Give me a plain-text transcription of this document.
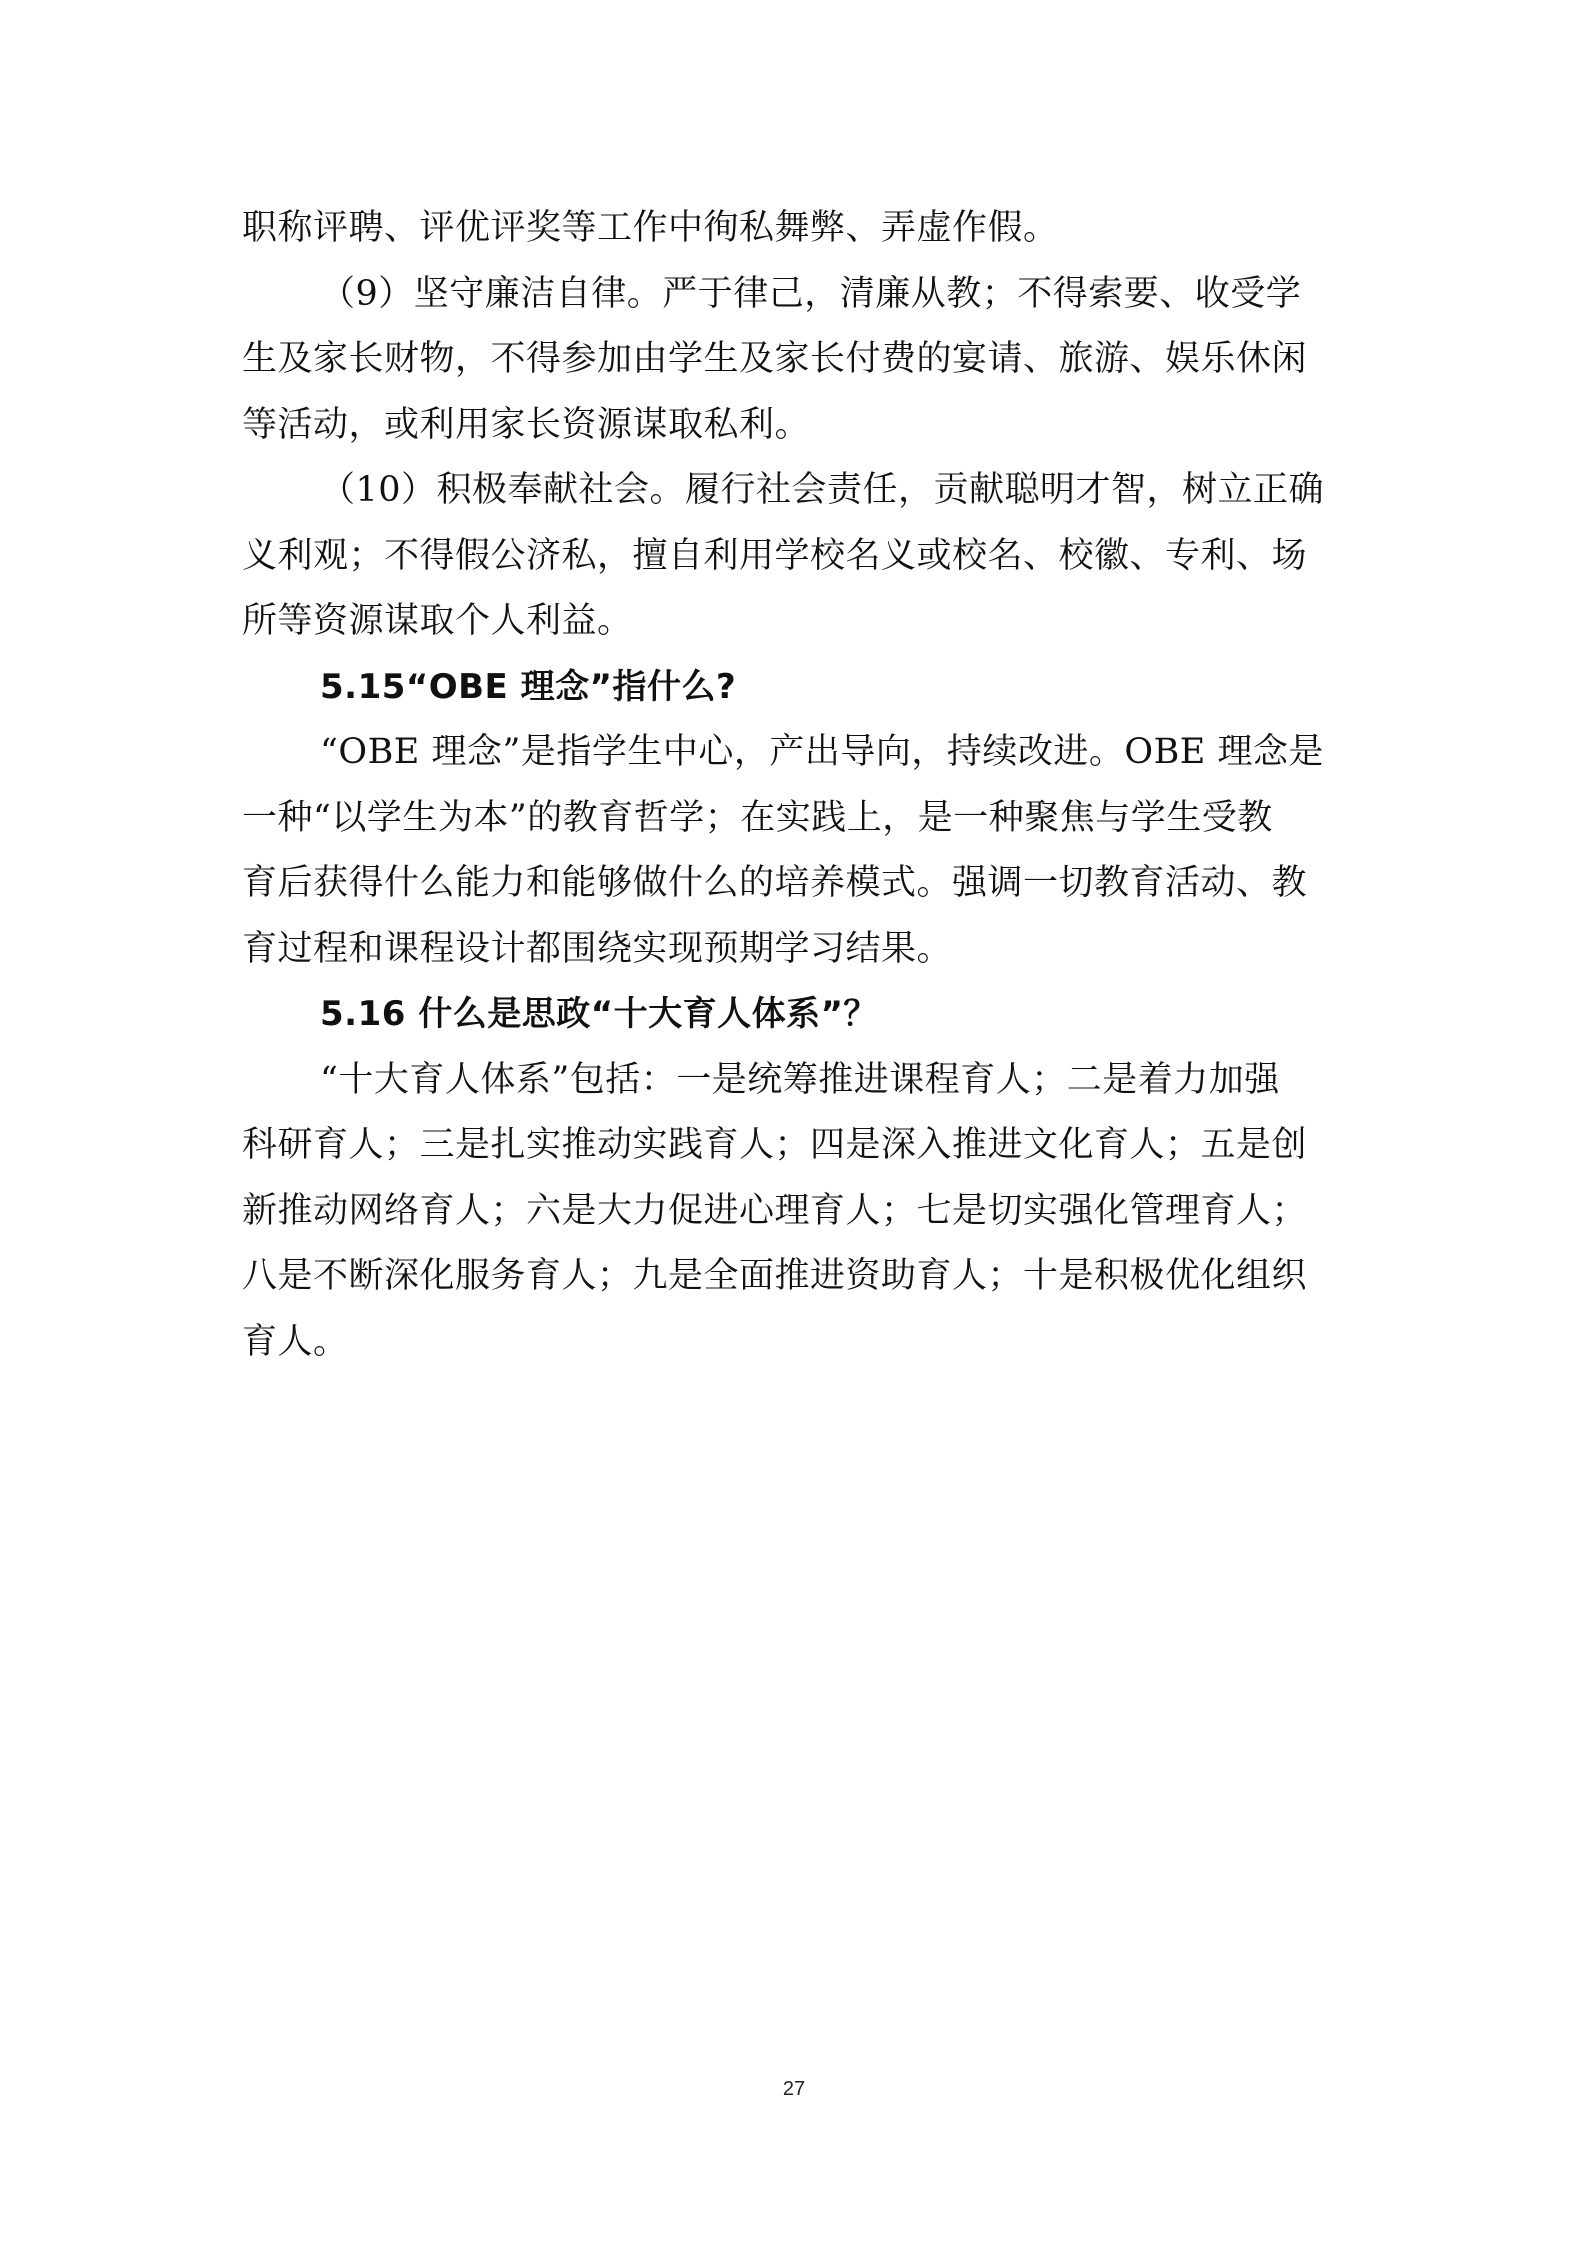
职称评聘、评优评奖等工作中徇私舞弊、弄虚作假。
（9）坚守廉洁自律。严于律己，清廉从教；不得索要、收受学
生及家长财物，不得参加由学生及家长付费的宴请、旅游、娱乐休闲
等活动，或利用家长资源谋取私利。
（10）积极奉献社会。履行社会责任，贡献聪明才智，树立正确
义利观；不得假公济私，擅自利用学校名义或校名、校徽、专利、场
所等资源谋取个人利益。
5.15“OBE 理念”指什么?
“OBE 理念”是指学生中心，产出导向，持续改进。OBE 理念是
一种“以学生为本”的教育哲学；在实践上，是一种聚焦与学生受教
育后获得什么能力和能够做什么的培养模式。强调一切教育活动、教
育过程和课程设计都围绕实现预期学习结果。
5.16 什么是思政“十大育人体系”？
“十大育人体系”包括：一是统筹推进课程育人；二是着力加强
科研育人；三是扎实推动实践育人；四是深入推进文化育人；五是创
新推动网络育人；六是大力促进心理育人；七是切实强化管理育人；
八是不断深化服务育人；九是全面推进资助育人；十是积极优化组织
育人。
27
